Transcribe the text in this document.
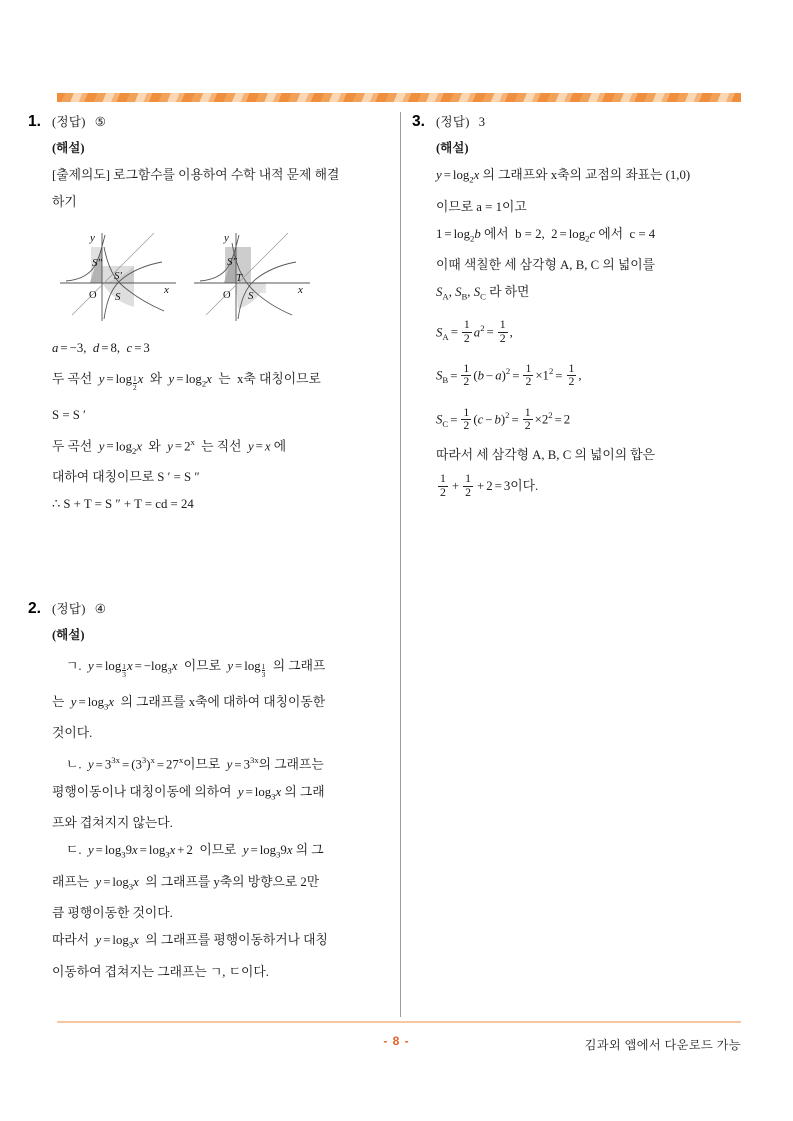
1. (정답) ⑤
(해설)
[출제의도] 로그함수를 이용하여 수학 내적 문제 해결
하기
y
x
O
S″
S′
S
y
x
O
S″
T
S
a = −3,  d = 8,  c = 3
두 곡선 $y = \log \frac{1}{2}$ x 와 $y = \log_2x$ 는 x축 대칭이므로
S = S ′
두 곡선 $y = \log_2x$ 와 $y = 2^x$ 는 직선 y = x 에
대하여 대칭이므로 S ′ = S ″
∴ S + T = S ″ + T = cd = 24
2. (정답) ④
(해설)
ㄱ. $y = \log \frac{1}{3}$ $x = -\log_3x$ 이므로 $y = \log \frac{1}{3}$ 의 그래프
는 $y = \log_3x$ 의 그래프를 x축에 대하여 대칭이동한
것이다.
ㄴ. $y = 3^{3x} = (3^3)^x = 27^x$이므로 $y = 3^{3x}$의 그래프는
평행이동이나 대칭이동에 의하여 $y = \log_3x$ 의 그래
프와 겹쳐지지 않는다.
ㄷ. $y = \log_39x = \log_3x + 2$ 이므로 $y = \log_39x$ 의 그
래프는 $y = \log_3x$ 의 그래프를 y축의 방향으로 2만
큼 평행이동한 것이다.
따라서 $y = \log_3x$ 의 그래프를 평행이동하거나 대칭
이동하여 겹쳐지는 그래프는 ㄱ, ㄷ이다.
3. (정답) 3
(해설)
$y = \log_2x$ 의 그래프와 x축의 교점의 좌표는 (1,0)
이므로 a = 1이고
$1 = \log_2b$ 에서 b = 2, $2 = \log_2c$ 에서 c = 4
이때 색칠한 세 삼각형 A, B, C 의 넓이를
$S_A$, $S_B$, $S_C$ 라 하면
$S_A = \frac{1}{2} a^2 = \frac{1}{2}$ ,
$S_B = \frac{1}{2} (b - a)^2 = \frac{1}{2} \times 1^2 = \frac{1}{2}$ ,
$S_C = \frac{1}{2} (c - b)^2 = \frac{1}{2} \times 2^2 = 2$
따라서 세 삼각형 A, B, C 의 넓이의 합은
$\frac{1}{2} + \frac{1}{2} + 2 = 3$이다.
- 8 -	김과외 앱에서 다운로드 가능
